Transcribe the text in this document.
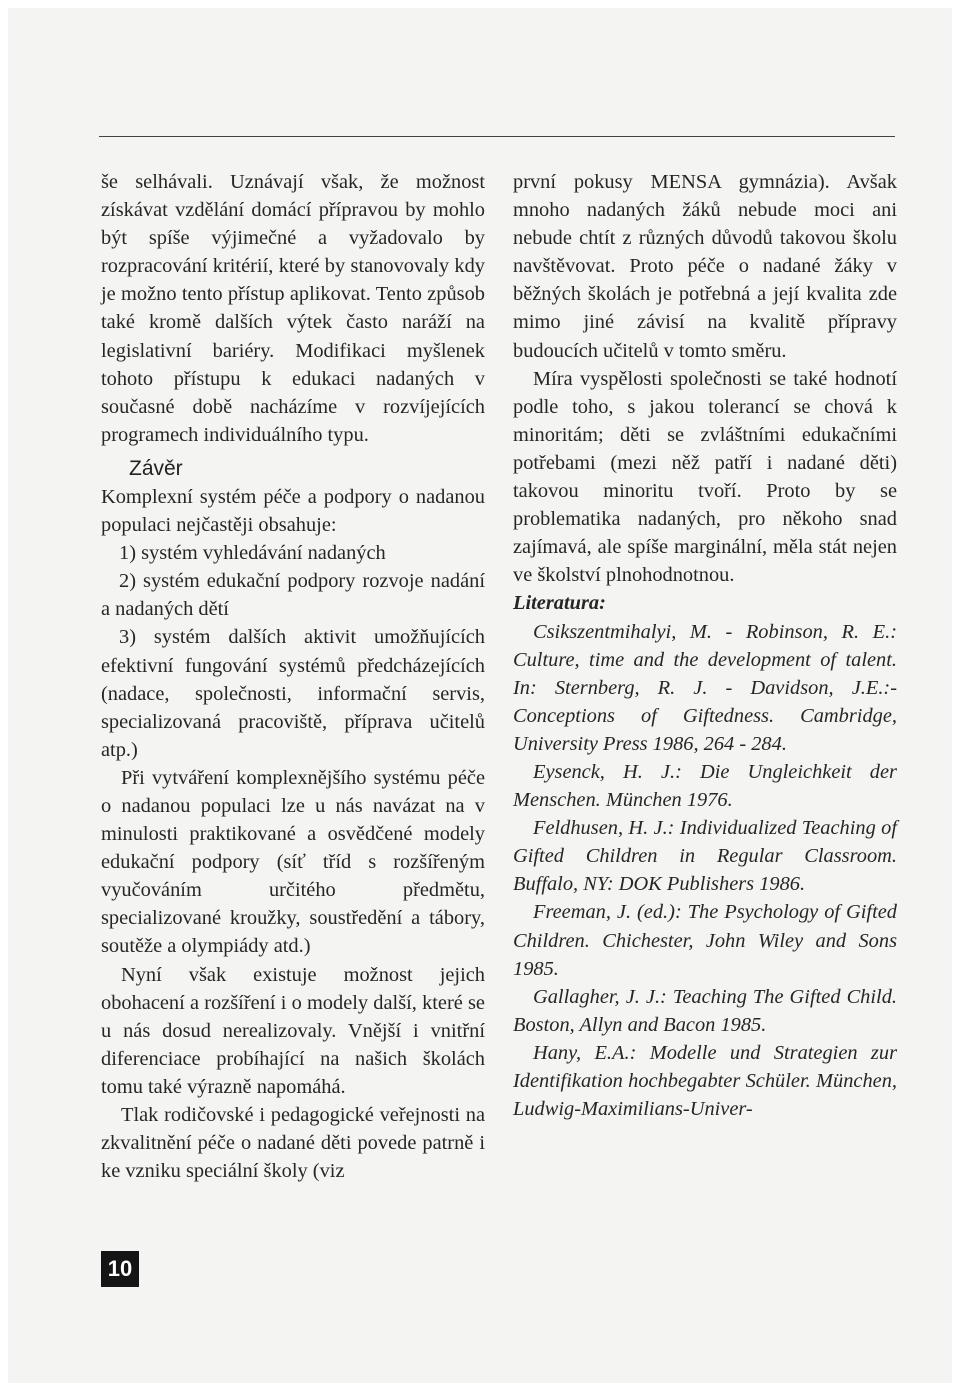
še selhávali. Uznávají však, že možnost získávat vzdělání domácí přípravou by mohlo být spíše výjimečné a vyžadovalo by rozpracování kritérií, které by stanovovaly kdy je možno tento přístup aplikovat. Tento způsob také kromě dalších výtek často naráží na legislativní bariéry. Modifikaci myšlenek tohoto přístupu k edukaci nadaných v současné době nacházíme v rozvíjejících programech individuálního typu.

Závěr

Komplexní systém péče a podpory o nadanou populaci nejčastěji obsahuje:

1) systém vyhledávání nadaných

2) systém edukační podpory rozvoje nadání a nadaných dětí

3) systém dalších aktivit umožňujících efektivní fungování systémů předcházejících (nadace, společnosti, informační servis, specializovaná pracoviště, příprava učitelů atp.)

Při vytváření komplexnějšího systému péče o nadanou populaci lze u nás navázat na v minulosti praktikované a osvědčené modely edukační podpory (síť tříd s rozšířeným vyučováním určitého předmětu, specializované kroužky, soustředění a tábory, soutěže a olympiády atd.)

Nyní však existuje možnost jejich obohacení a rozšíření i o modely další, které se u nás dosud nerealizovaly. Vnější i vnitřní diferenciace probíhající na našich školách tomu také výrazně napomáhá.

Tlak rodičovské i pedagogické veřejnosti na zkvalitnění péče o nadané děti povede patrně i ke vzniku speciální školy (viz

první pokusy MENSA gymnázia). Avšak mnoho nadaných žáků nebude moci ani nebude chtít z různých důvodů takovou školu navštěvovat. Proto péče o nadané žáky v běžných školách je potřebná a její kvalita zde mimo jiné závisí na kvalitě přípravy budoucích učitelů v tomto směru.

Míra vyspělosti společnosti se také hodnotí podle toho, s jakou tolerancí se chová k minoritám; děti se zvláštními edukačními potřebami (mezi něž patří i nadané děti) takovou minoritu tvoří. Proto by se problematika nadaných, pro někoho snad zajímavá, ale spíše marginální, měla stát nejen ve školství plnohodnotnou.

Literatura:

Csikszentmihalyi, M. - Robinson, R. E.: Culture, time and the development of talent. In: Sternberg, R. J. - Davidson, J.E.:- Conceptions of Giftedness. Cambridge, University Press 1986, 264 - 284.

Eysenck, H. J.: Die Ungleichkeit der Menschen. München 1976.

Feldhusen, H. J.: Individualized Teaching of Gifted Children in Regular Classroom. Buffalo, NY: DOK Publishers 1986.

Freeman, J. (ed.): The Psychology of Gifted Children. Chichester, John Wiley and Sons 1985.

Gallagher, J. J.: Teaching The Gifted Child. Boston, Allyn and Bacon 1985.

Hany, E.A.: Modelle und Strategien zur Identifikation hochbegabter Schüler. München, Ludwig-Maximilians-Univer-

10
